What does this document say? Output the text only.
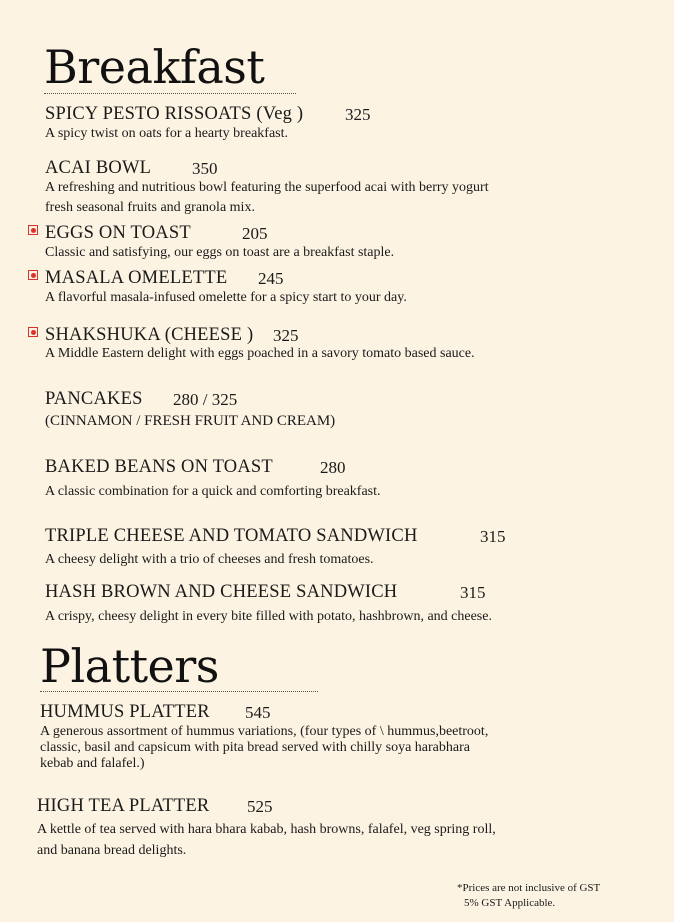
Breakfast
SPICY PESTO RISSOATS (Veg ) 325
A spicy twist on oats for a hearty breakfast.
ACAI BOWL 350
A refreshing and nutritious bowl featuring the superfood acai with berry yogurt
fresh seasonal fruits and granola mix.
EGGS ON TOAST	205
Classic and satisfying, our eggs on toast are a breakfast staple.
MASALA OMELETTE 245
A flavorful masala-infused omelette for a spicy start to your day.
SHAKSHUKA (CHEESE ) 325
A Middle Eastern delight with eggs poached in a savory tomato based sauce.
PANCAKES 280 / 325
(CINNAMON / FRESH FRUIT AND CREAM)
BAKED BEANS ON TOAST	280
A classic combination for a quick and comforting breakfast.
TRIPLE CHEESE AND TOMATO SANDWICH	315
A cheesy delight with a trio of cheeses and fresh tomatoes.
HASH BROWN AND CHEESE SANDWICH	315
A crispy, cheesy delight in every bite filled with potato, hashbrown, and cheese.
Platters
HUMMUS PLATTER 545
A generous assortment of hummus variations, (four types of \ hummus,beetroot,
classic, basil and capsicum with pita bread served with chilly soya harabhara
kebab and falafel.)
HIGH TEA PLATTER 525
A kettle of tea served with hara bhara kabab, hash browns, falafel, veg spring roll,
and banana bread delights.
*Prices are not inclusive of GST
5% GST Applicable.
